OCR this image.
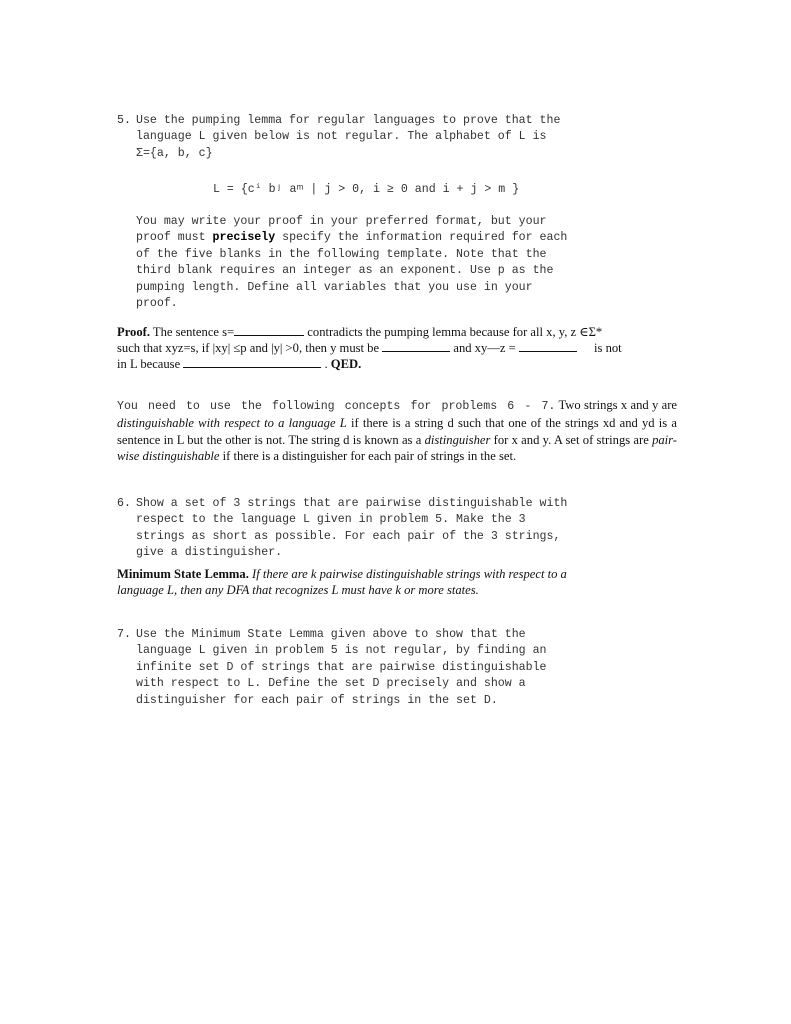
5. Use the pumping lemma for regular languages to prove that the
language L given below is not regular. The alphabet of L is
Σ={a, b, c}
L = {cⁱ bʲ aᵐ | j > 0, i ≥ 0 and i + j > m }
You may write your proof in your preferred format, but your
proof must precisely specify the information required for each
of the five blanks in the following template. Note that the
third blank requires an integer as an exponent. Use p as the
pumping length. Define all variables that you use in your
proof.
Proof. The sentence s=	contradicts the pumping lemma because for all x, y, z ∈Σ*
such that xyz=s, if |xy| ≤p and |y| >0, then y must be	and xy—z =	is not
in L because	. QED.
You need to use the following concepts for problems 6 - 7. Two strings x and y are distinguishable with respect to a language L if there is a string d such that one of the strings xd and yd is a sentence in L but the other is not. The string d is known as a distinguisher for x and y. A set of strings are pair-wise distinguishable if there is a distinguisher for each pair of strings in the set.
6. Show a set of 3 strings that are pairwise distinguishable with
respect to the language L given in problem 5. Make the 3
strings as short as possible. For each pair of the 3 strings,
give a distinguisher.
Minimum State Lemma. If there are k pairwise distinguishable strings with respect to a language L, then any DFA that recognizes L must have k or more states.
7. Use the Minimum State Lemma given above to show that the
language L given in problem 5 is not regular, by finding an
infinite set D of strings that are pairwise distinguishable
with respect to L. Define the set D precisely and show a
distinguisher for each pair of strings in the set D.
